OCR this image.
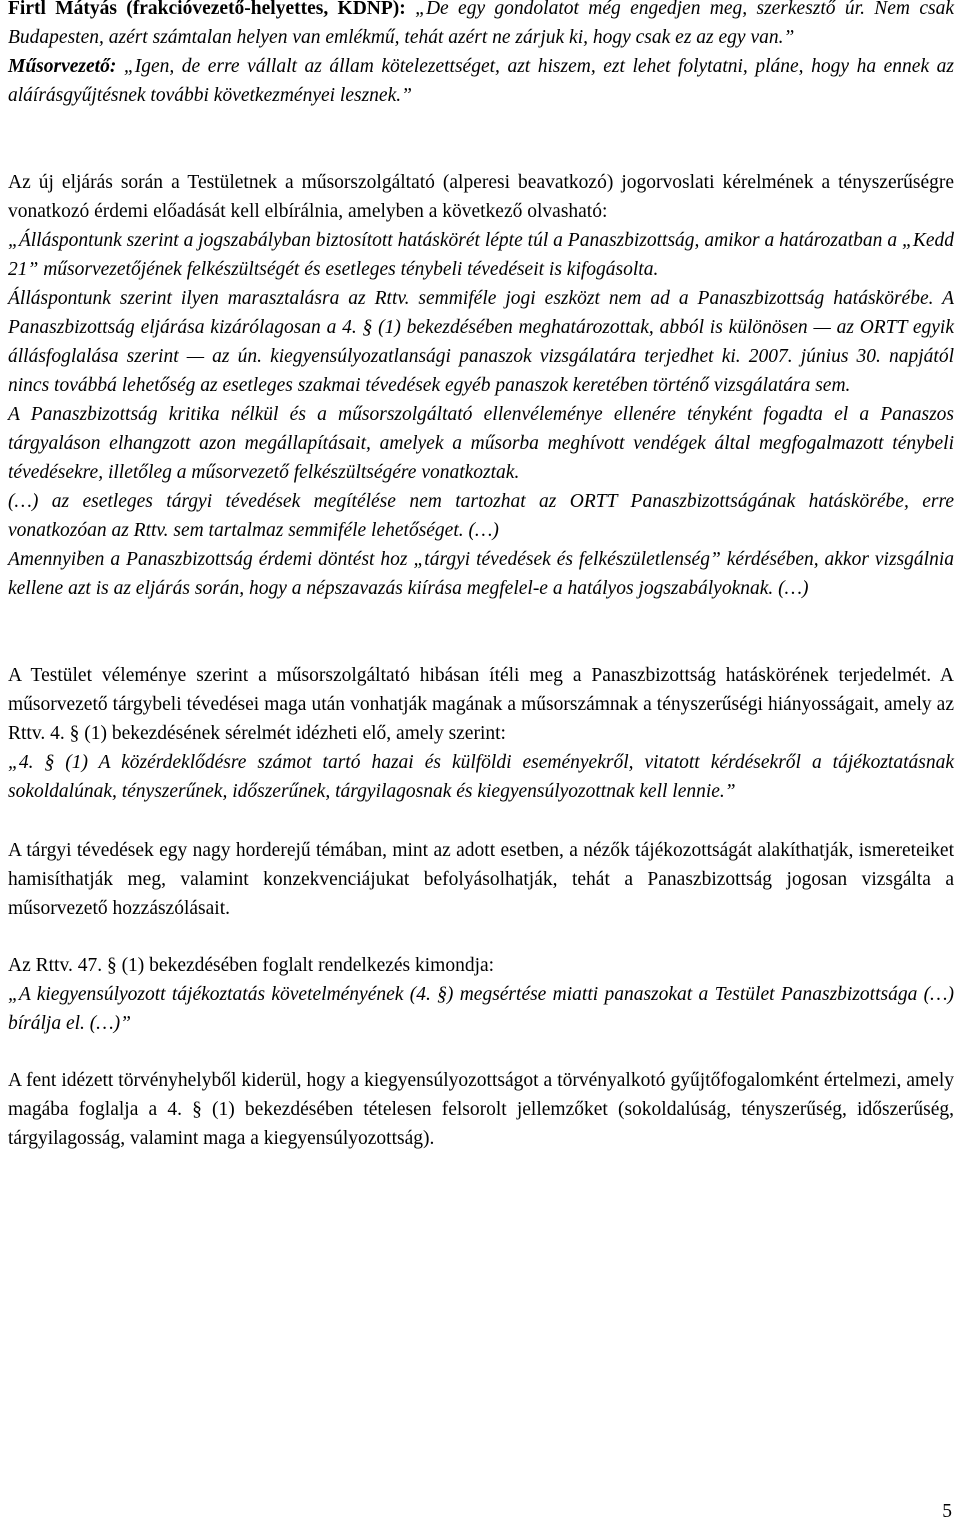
Firtl Mátyás (frakcióvezető-helyettes, KDNP): „De egy gondolatot még engedjen meg, szerkesztő úr. Nem csak Budapesten, azért számtalan helyen van emlékmű, tehát azért ne zárjuk ki, hogy csak ez az egy van.”

Műsorvezető: „Igen, de erre vállalt az állam kötelezettséget, azt hiszem, ezt lehet folytatni, pláne, hogy ha ennek az aláírásgyűjtésnek további következményei lesznek.”

Az új eljárás során a Testületnek a műsorszolgáltató (alperesi beavatkozó) jogorvoslati kérelmének a tényszerűségre vonatkozó érdemi előadását kell elbírálnia, amelyben a következő olvasható:

„Álláspontunk szerint a jogszabályban biztosított hatáskörét lépte túl a Panaszbizottság, amikor a határozatban a „Kedd 21” műsorvezetőjének felkészültségét és esetleges ténybeli tévedéseit is kifogásolta.

Álláspontunk szerint ilyen marasztalásra az Rttv. semmiféle jogi eszközt nem ad a Panaszbizottság hatáskörébe. A Panaszbizottság eljárása kizárólagosan a 4. § (1) bekezdésében meghatározottak, abból is különösen — az ORTT egyik állásfoglalása szerint — az ún. kiegyensúlyozatlansági panaszok vizsgálatára terjedhet ki. 2007. június 30. napjától nincs továbbá lehetőség az esetleges szakmai tévedések egyéb panaszok keretében történő vizsgálatára sem.

A Panaszbizottság kritika nélkül és a műsorszolgáltató ellenvéleménye ellenére tényként fogadta el a Panaszos tárgyaláson elhangzott azon megállapításait, amelyek a műsorba meghívott vendégek által megfogalmazott ténybeli tévedésekre, illetőleg a műsorvezető felkészültségére vonatkoztak.

(…) az esetleges tárgyi tévedések megítélése nem tartozhat az ORTT Panaszbizottságának hatáskörébe, erre vonatkozóan az Rttv. sem tartalmaz semmiféle lehetőséget. (…)

Amennyiben a Panaszbizottság érdemi döntést hoz „tárgyi tévedések és felkészületlenség” kérdésében, akkor vizsgálnia kellene azt is az eljárás során, hogy a népszavazás kiírása megfelel-e a hatályos jogszabályoknak. (…)

A Testület véleménye szerint a műsorszolgáltató hibásan ítéli meg a Panaszbizottság hatáskörének terjedelmét. A műsorvezető tárgybeli tévedései maga után vonhatják magának a műsorszámnak a tényszerűségi hiányosságait, amely az Rttv. 4. § (1) bekezdésének sérelmét idézheti elő, amely szerint:

„4. § (1) A közérdeklődésre számot tartó hazai és külföldi eseményekről, vitatott kérdésekről a tájékoztatásnak sokoldalúnak, tényszerűnek, időszerűnek, tárgyilagosnak és kiegyensúlyozottnak kell lennie.”

A tárgyi tévedések egy nagy horderejű témában, mint az adott esetben, a nézők tájékozottságát alakíthatják, ismereteiket hamisíthatják meg, valamint konzekvenciájukat befolyásolhatják, tehát a Panaszbizottság jogosan vizsgálta a műsorvezető hozzászólásait.

Az Rttv. 47. § (1) bekezdésében foglalt rendelkezés kimondja:

„A kiegyensúlyozott tájékoztatás követelményének (4. §) megsértése miatti panaszokat a Testület Panaszbizottsága (…) bírálja el. (…)”

A fent idézett törvényhelyből kiderül, hogy a kiegyensúlyozottságot a törvényalkotó gyűjtőfogalomként értelmezi, amely magába foglalja a 4. § (1) bekezdésében tételesen felsorolt jellemzőket (sokoldalúság, tényszerűség, időszerűség, tárgyilagosság, valamint maga a kiegyensúlyozottság).

5
